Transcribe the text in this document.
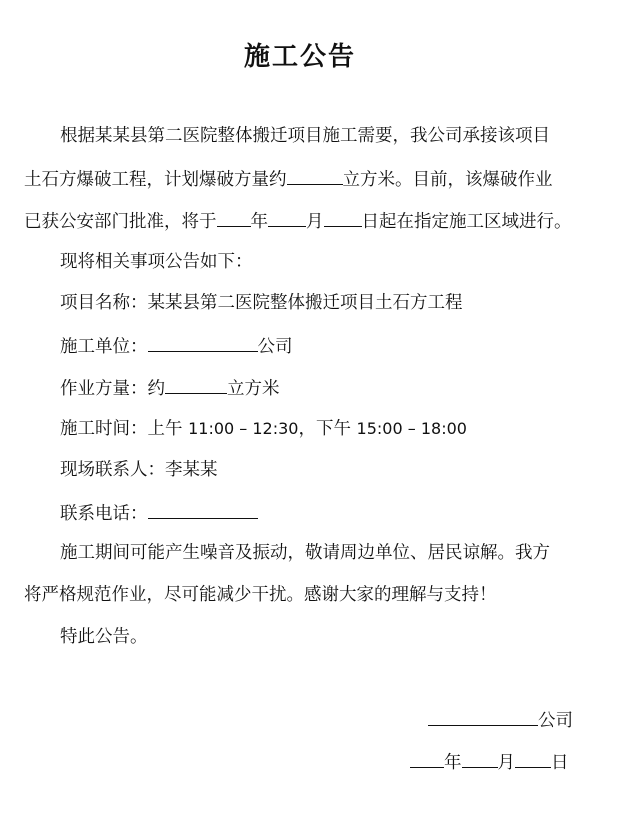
施工公告
根据某某县第二医院整体搬迁项目施工需要，我公司承接该项目
土石方爆破工程，计划爆破方量约	立方米。目前，该爆破作业
已获公安部门批准，将于 年 月 日起在指定施工区域进行。
现将相关事项公告如下：
项目名称：某某县第二医院整体搬迁项目土石方工程
施工单位：	公司
作业方量：约	立方米
施工时间：上午 11:00 – 12:30，下午 15:00 – 18:00
现场联系人：李某某
联系电话：
施工期间可能产生噪音及振动，敬请周边单位、居民谅解。我方
将严格规范作业，尽可能减少干扰。感谢大家的理解与支持！
特此公告。
公司
年 月 日
